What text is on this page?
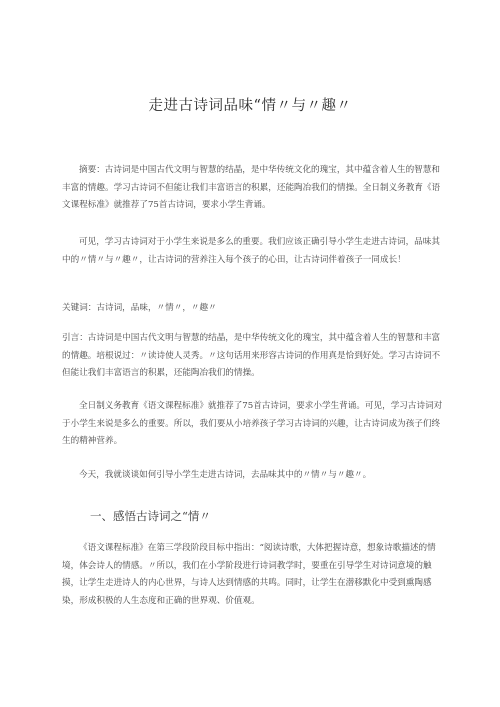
走进古诗词品味“情〃与〃趣〃
摘要：古诗词是中国古代文明与智慧的结晶，是中华传统文化的瑰宝，其中蕴含着人生的智慧和丰富的情趣。学习古诗词不但能让我们丰富语言的积累，还能陶冶我们的情操。全日制义务教育《语文课程标准》就推荐了75首古诗词，要求小学生背诵。
可见，学习古诗词对于小学生来说是多么的重要。我们应该正确引导小学生走进古诗词，品味其中的〃情〃与〃趣〃，让古诗词的营养注入每个孩子的心田，让古诗词伴着孩子一同成长！
关键词：古诗词，品味，〃情〃，〃趣〃
引言：古诗词是中国古代文明与智慧的结晶，是中华传统文化的瑰宝，其中蕴含着人生的智慧和丰富的情趣。培根说过：〃读诗使人灵秀。〃这句话用来形容古诗词的作用真是恰到好处。学习古诗词不但能让我们丰富语言的积累，还能陶冶我们的情操。
全日制义务教育《语文课程标准》就推荐了75首古诗词，要求小学生背诵。可见，学习古诗词对于小学生来说是多么的重要。所以，我们要从小培养孩子学习古诗词的兴趣，让古诗词成为孩子们终生的精神营养。
今天，我就谈谈如何引导小学生走进古诗词，去品味其中的〃情〃与〃趣〃。
一、感悟古诗词之“情〃
《语文课程标准》在第三学段阶段目标中指出：“阅读诗歌，大体把握诗意，想象诗歌描述的情境，体会诗人的情感。〃所以，我们在小学阶段进行诗词教学时，要重在引导学生对诗词意境的触摸，让学生走进诗人的内心世界，与诗人达到情感的共鸣。同时，让学生在潜移默化中受到熏陶感染，形成积极的人生态度和正确的世界观、价值观。
